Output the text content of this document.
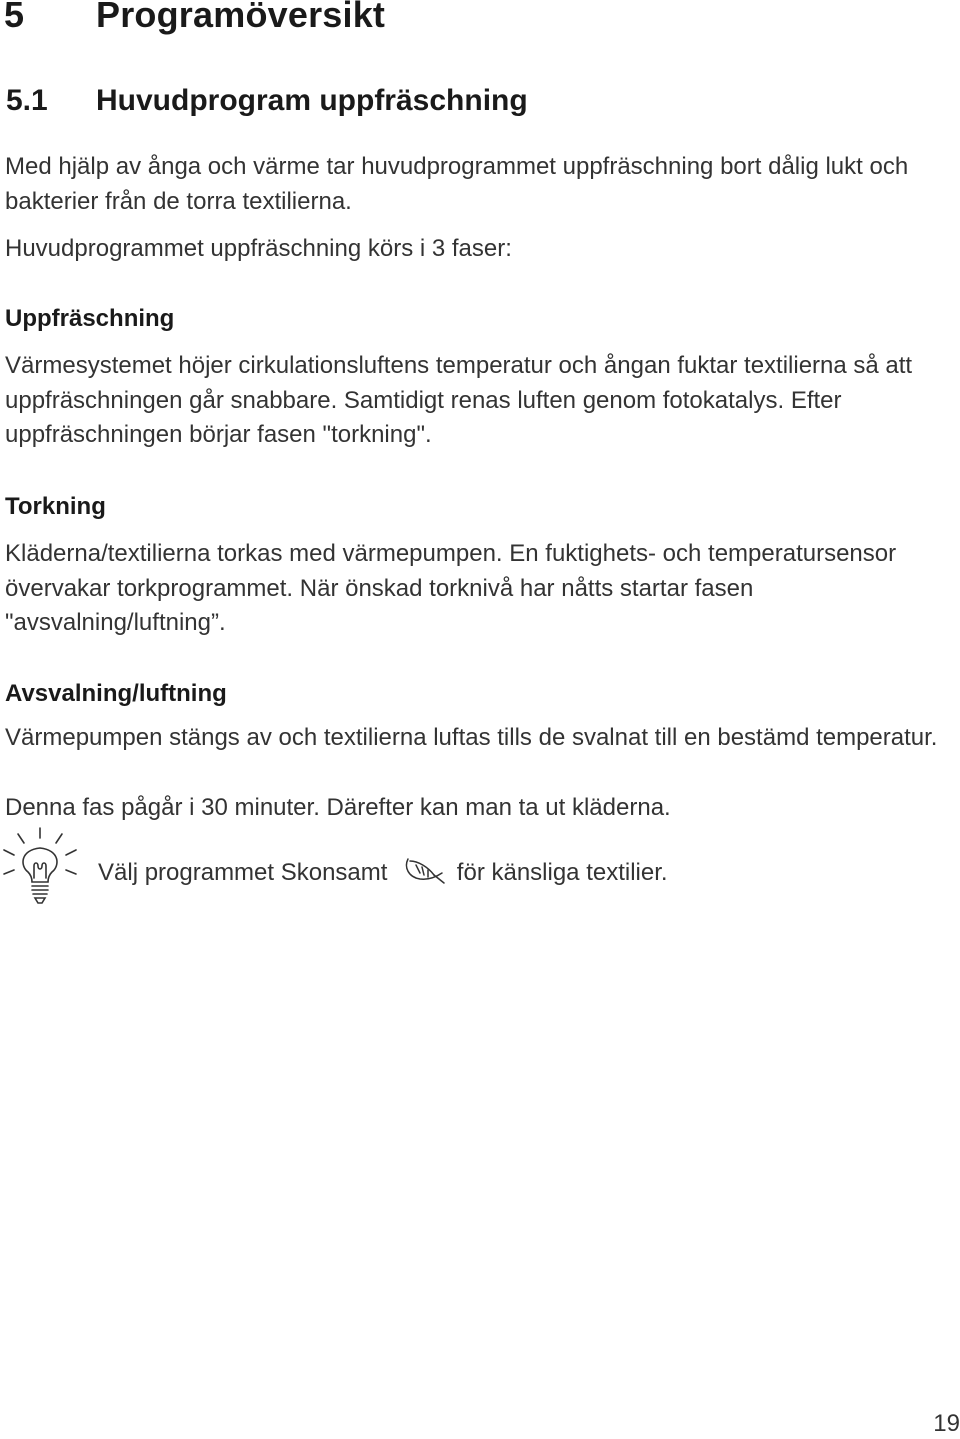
5 Programöversikt
5.1 Huvudprogram uppfräschning

Med hjälp av ånga och värme tar huvudprogrammet uppfräschning bort dålig lukt och bakterier från de torra textilierna.

Huvudprogrammet uppfräschning körs i 3 faser:

Uppfräschning

Värmesystemet höjer cirkulationsluftens temperatur och ångan fuktar textilierna så att uppfräschningen går snabbare. Samtidigt renas luften genom fotokatalys. Efter uppfräschningen börjar fasen "torkning".

Torkning

Kläderna/textilierna torkas med värmepumpen. En fuktighets- och temperatursensor övervakar torkprogrammet. När önskad torknivå har nåtts startar fasen "avsvalning/luftning”.

Avsvalning/luftning

Värmepumpen stängs av och textilierna luftas tills de svalnat till en bestämd temperatur.

Denna fas pågår i 30 minuter. Därefter kan man ta ut kläderna.

Välj programmet Skonsamt	för känsliga textilier.
19
